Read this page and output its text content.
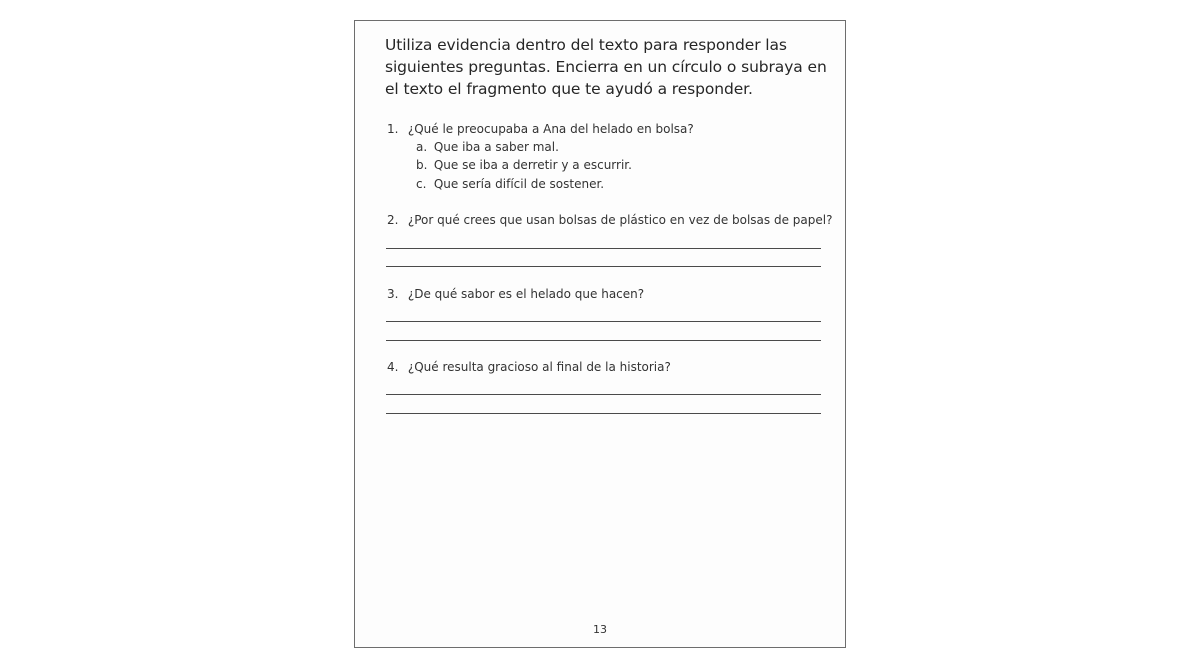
Utiliza evidencia dentro del texto para responder las siguientes preguntas. Encierra en un círculo o subraya en el texto el fragmento que te ayudó a responder.

1. ¿Qué le preocupaba a Ana del helado en bolsa?
a. Que iba a saber mal.
b. Que se iba a derretir y a escurrir.
c. Que sería difícil de sostener.
2. ¿Por qué crees que usan bolsas de plástico en vez de bolsas de papel?
3. ¿De qué sabor es el helado que hacen?
4. ¿Qué resulta gracioso al final de la historia?
13
